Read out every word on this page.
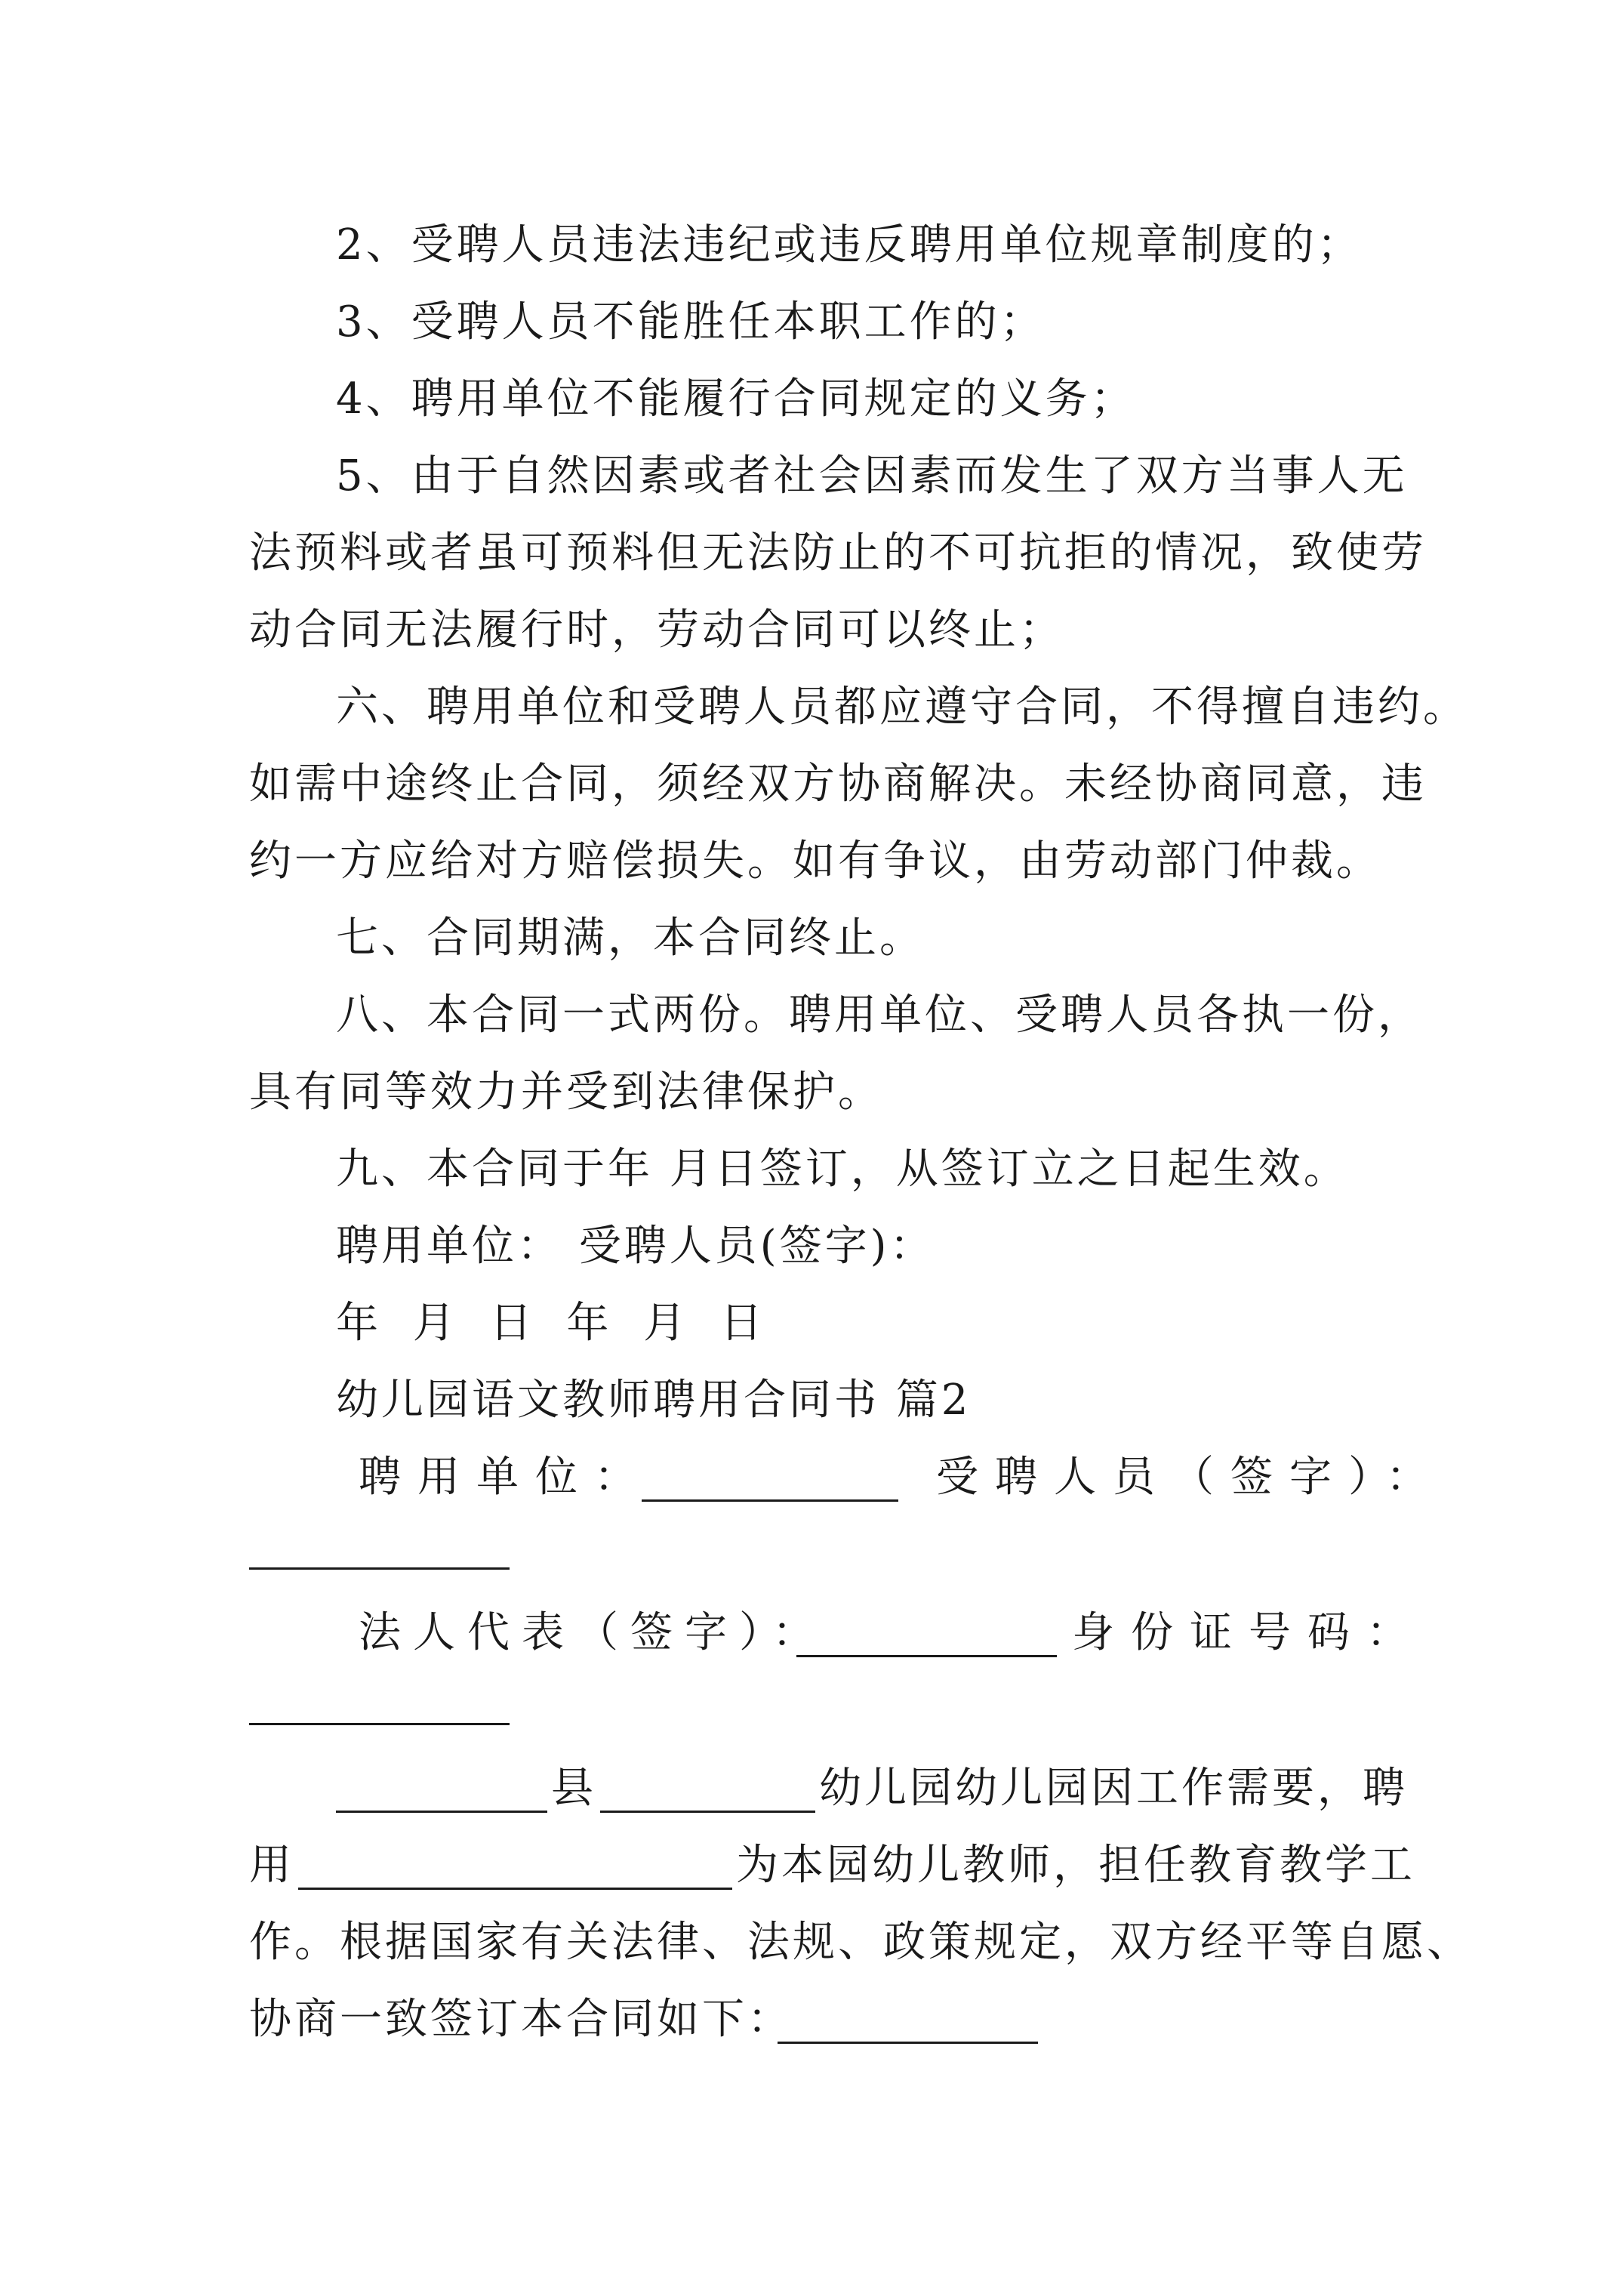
2、受聘人员违法违纪或违反聘用单位规章制度的；
3、受聘人员不能胜任本职工作的；
4、聘用单位不能履行合同规定的义务；
5、由于自然因素或者社会因素而发生了双方当事人无
法预料或者虽可预料但无法防止的不可抗拒的情况，致使劳
动合同无法履行时，劳动合同可以终止；
六、聘用单位和受聘人员都应遵守合同，不得擅自违约。
如需中途终止合同，须经双方协商解决。未经协商同意，违
约一方应给对方赔偿损失。如有争议，由劳动部门仲裁。
七、合同期满，本合同终止。
八、本合同一式两份。聘用单位、受聘人员各执一份，
具有同等效力并受到法律保护。
九、本合同于年 月日签订，从签订立之日起生效。
聘用单位： 受聘人员(签字)：
年 月 日 年 月 日
幼儿园语文教师聘用合同书 篇2
聘用单位：	受聘人员（签字）：
法人代表（签字）：	身份证号码：
县	幼儿园幼儿园因工作需要，聘
用	为本园幼儿教师，担任教育教学工
作。根据国家有关法律、法规、政策规定，双方经平等自愿、
协商一致签订本合同如下：
